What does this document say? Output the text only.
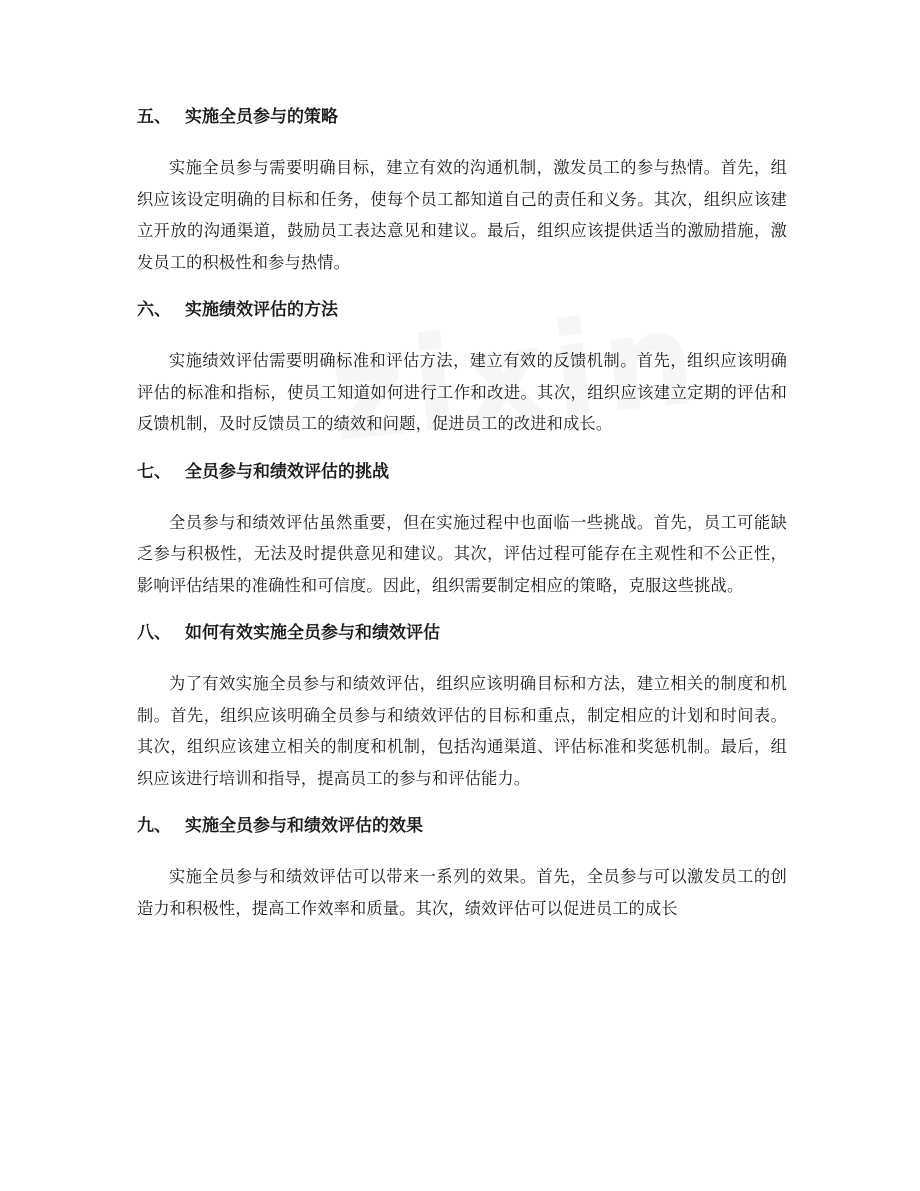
五、 实施全员参与的策略

实施全员参与需要明确目标，建立有效的沟通机制，激发员工的参与热情。首先，组织应该设定明确的目标和任务，使每个员工都知道自己的责任和义务。其次，组织应该建立开放的沟通渠道，鼓励员工表达意见和建议。最后，组织应该提供适当的激励措施，激发员工的积极性和参与热情。

六、 实施绩效评估的方法

实施绩效评估需要明确标准和评估方法，建立有效的反馈机制。首先，组织应该明确评估的标准和指标，使员工知道如何进行工作和改进。其次，组织应该建立定期的评估和反馈机制，及时反馈员工的绩效和问题，促进员工的改进和成长。

七、 全员参与和绩效评估的挑战

全员参与和绩效评估虽然重要，但在实施过程中也面临一些挑战。首先，员工可能缺乏参与积极性，无法及时提供意见和建议。其次，评估过程可能存在主观性和不公正性，影响评估结果的准确性和可信度。因此，组织需要制定相应的策略，克服这些挑战。

八、 如何有效实施全员参与和绩效评估

为了有效实施全员参与和绩效评估，组织应该明确目标和方法，建立相关的制度和机制。首先，组织应该明确全员参与和绩效评估的目标和重点，制定相应的计划和时间表。其次，组织应该建立相关的制度和机制，包括沟通渠道、评估标准和奖惩机制。最后，组织应该进行培训和指导，提高员工的参与和评估能力。

九、 实施全员参与和绩效评估的效果

实施全员参与和绩效评估可以带来一系列的效果。首先，全员参与可以激发员工的创造力和积极性，提高工作效率和质量。其次，绩效评估可以促进员工的成长
